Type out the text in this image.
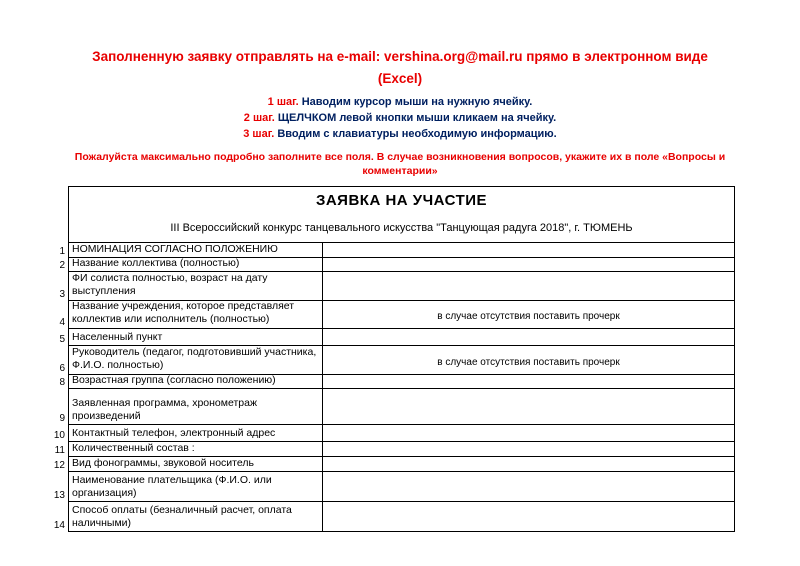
Заполненную заявку отправлять на e-mail: vershina.org@mail.ru прямо в электронном виде (Excel)
1 шаг. Наводим курсор мыши на нужную ячейку.
2 шаг. ЩЕЛЧКОМ левой кнопки мыши кликаем на ячейку.
3 шаг. Вводим с клавиатуры необходимую информацию.
Пожалуйста максимально подробно заполните все поля. В случае возникновения вопросов, укажите их в поле «Вопросы и комментарии»
ЗАЯВКА НА УЧАСТИЕ
III Всероссийский конкурс танцевального искусства "Танцующая радуга 2018", г. ТЮМЕНЬ
1 НОМИНАЦИЯ СОГЛАСНО ПОЛОЖЕНИЮ
2 Название коллектива (полностью)
3
ФИ солиста полностью, возраст на дату выступления
4
Название учреждения, которое представляет коллектив или исполнитель (полностью)	в случае отсутствия поставить прочерк
5 Населенный пункт
6
Руководитель (педагог, подготовивший участника, Ф.И.О. полностью)	в случае отсутствия поставить прочерк
8 Возрастная группа (согласно положению)
9
Заявленная программа, хронометраж произведений
10 Контактный телефон, электронный адрес
11 Количественный состав :
12 Вид фонограммы, звуковой носитель
13
Наименование плательщика (Ф.И.О. или организация)
14
Способ оплаты (безналичный расчет, оплата наличными)
